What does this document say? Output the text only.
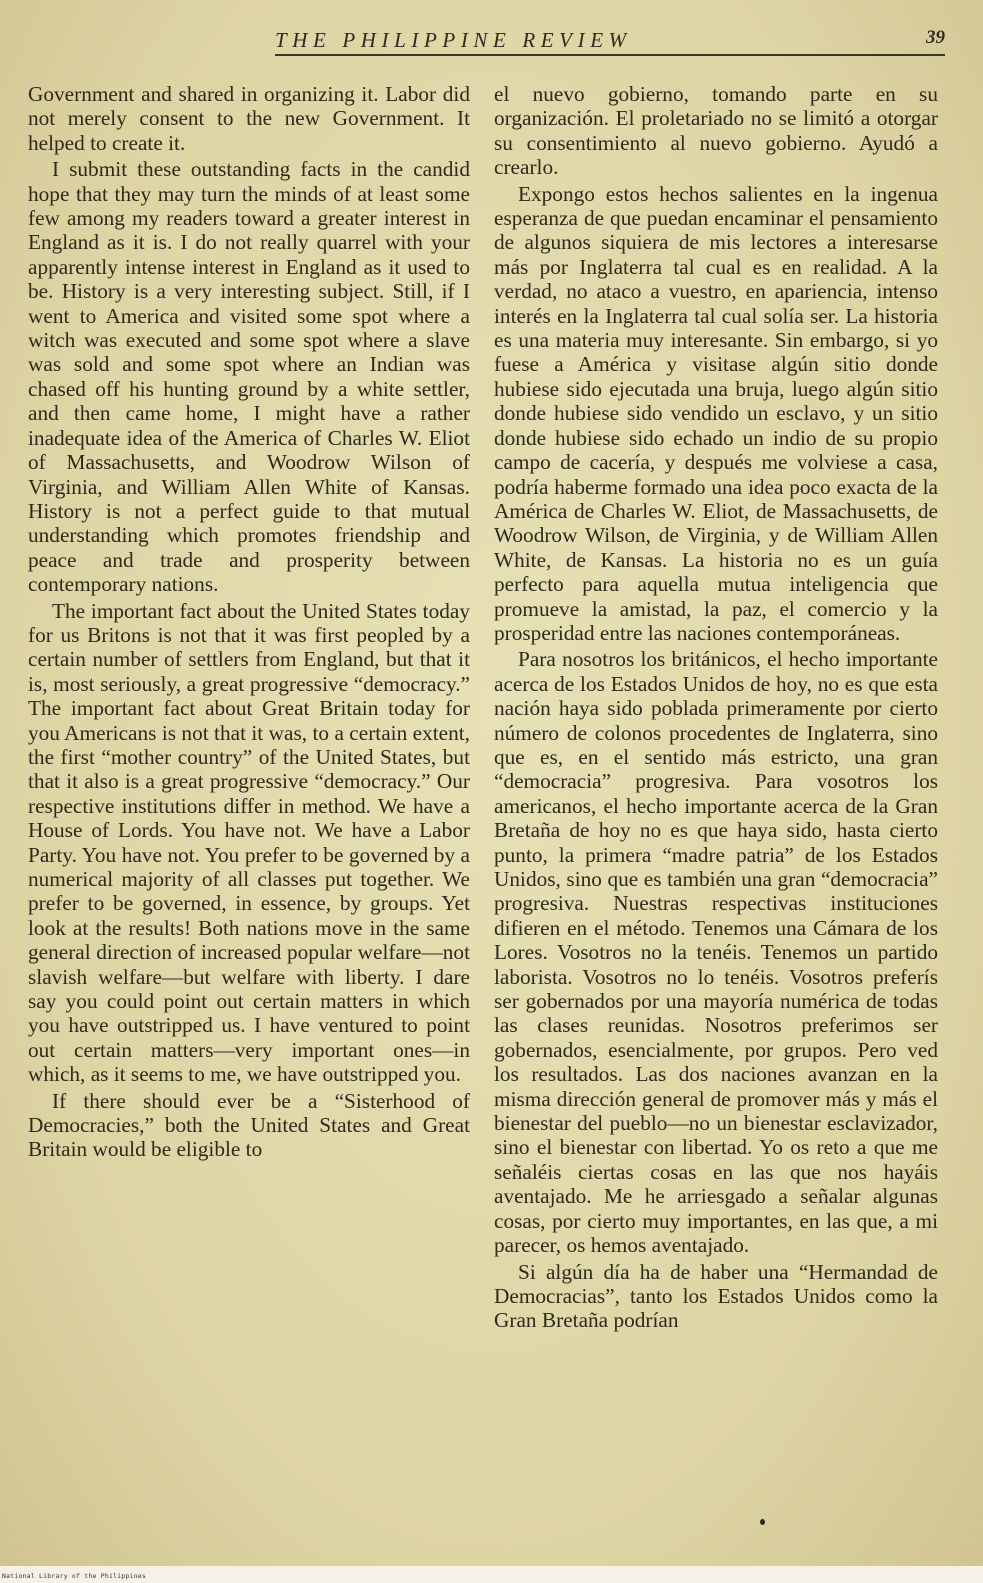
THE PHILIPPINE REVIEW	39

Government and shared in organizing it. Labor did not merely consent to the new Government. It helped to create it.

I submit these outstanding facts in the candid hope that they may turn the minds of at least some few among my readers toward a greater interest in England as it is. I do not really quarrel with your apparently intense interest in England as it used to be. History is a very interesting subject. Still, if I went to America and visited some spot where a witch was executed and some spot where a slave was sold and some spot where an Indian was chased off his hunting ground by a white settler, and then came home, I might have a rather inadequate idea of the America of Charles W. Eliot of Massachusetts, and Woodrow Wilson of Virginia, and William Allen White of Kansas. History is not a perfect guide to that mutual understanding which promotes friendship and peace and trade and prosperity between contemporary nations.

The important fact about the United States today for us Britons is not that it was first peopled by a certain number of settlers from England, but that it is, most seriously, a great progressive “democracy.” The important fact about Great Britain today for you Americans is not that it was, to a certain extent, the first “mother country” of the United States, but that it also is a great progressive “democracy.” Our respective institutions differ in method. We have a House of Lords. You have not. We have a Labor Party. You have not. You prefer to be governed by a numerical majority of all classes put together. We prefer to be governed, in essence, by groups. Yet look at the results! Both nations move in the same general direction of increased popular welfare—not slavish welfare—but welfare with liberty. I dare say you could point out certain matters in which you have outstripped us. I have ventured to point out certain matters—very important ones—in which, as it seems to me, we have outstripped you.

If there should ever be a “Sisterhood of Democracies,” both the United States and Great Britain would be eligible to

el nuevo gobierno, tomando parte en su organización. El proletariado no se limitó a otorgar su consentimiento al nuevo gobierno. Ayudó a crearlo.

Expongo estos hechos salientes en la ingenua esperanza de que puedan encaminar el pensamiento de algunos siquiera de mis lectores a interesarse más por Inglaterra tal cual es en realidad. A la verdad, no ataco a vuestro, en apariencia, intenso interés en la Inglaterra tal cual solía ser. La historia es una materia muy interesante. Sin embargo, si yo fuese a América y visitase algún sitio donde hubiese sido ejecutada una bruja, luego algún sitio donde hubiese sido vendido un esclavo, y un sitio donde hubiese sido echado un indio de su propio campo de cacería, y después me volviese a casa, podría haberme formado una idea poco exacta de la América de Charles W. Eliot, de Massachusetts, de Woodrow Wilson, de Virginia, y de William Allen White, de Kansas. La historia no es un guía perfecto para aquella mutua inteligencia que promueve la amistad, la paz, el comercio y la prosperidad entre las naciones contemporáneas.

Para nosotros los británicos, el hecho importante acerca de los Estados Unidos de hoy, no es que esta nación haya sido poblada primeramente por cierto número de colonos procedentes de Inglaterra, sino que es, en el sentido más estricto, una gran “democracia” progresiva. Para vosotros los americanos, el hecho importante acerca de la Gran Bretaña de hoy no es que haya sido, hasta cierto punto, la primera “madre patria” de los Estados Unidos, sino que es también una gran “democracia” progresiva. Nuestras respectivas instituciones difieren en el método. Tenemos una Cámara de los Lores. Vosotros no la tenéis. Tenemos un partido laborista. Vosotros no lo tenéis. Vosotros preferís ser gobernados por una mayoría numérica de todas las clases reunidas. Nosotros preferimos ser gobernados, esencialmente, por grupos. Pero ved los resultados. Las dos naciones avanzan en la misma dirección general de promover más y más el bienestar del pueblo—no un bienestar esclavizador, sino el bienestar con libertad. Yo os reto a que me señaléis ciertas cosas en las que nos hayáis aventajado. Me he arriesgado a señalar algunas cosas, por cierto muy importantes, en las que, a mi parecer, os hemos aventajado.

Si algún día ha de haber una “Hermandad de Democracias”, tanto los Estados Unidos como la Gran Bretaña podrían

National Library of the Philippines
